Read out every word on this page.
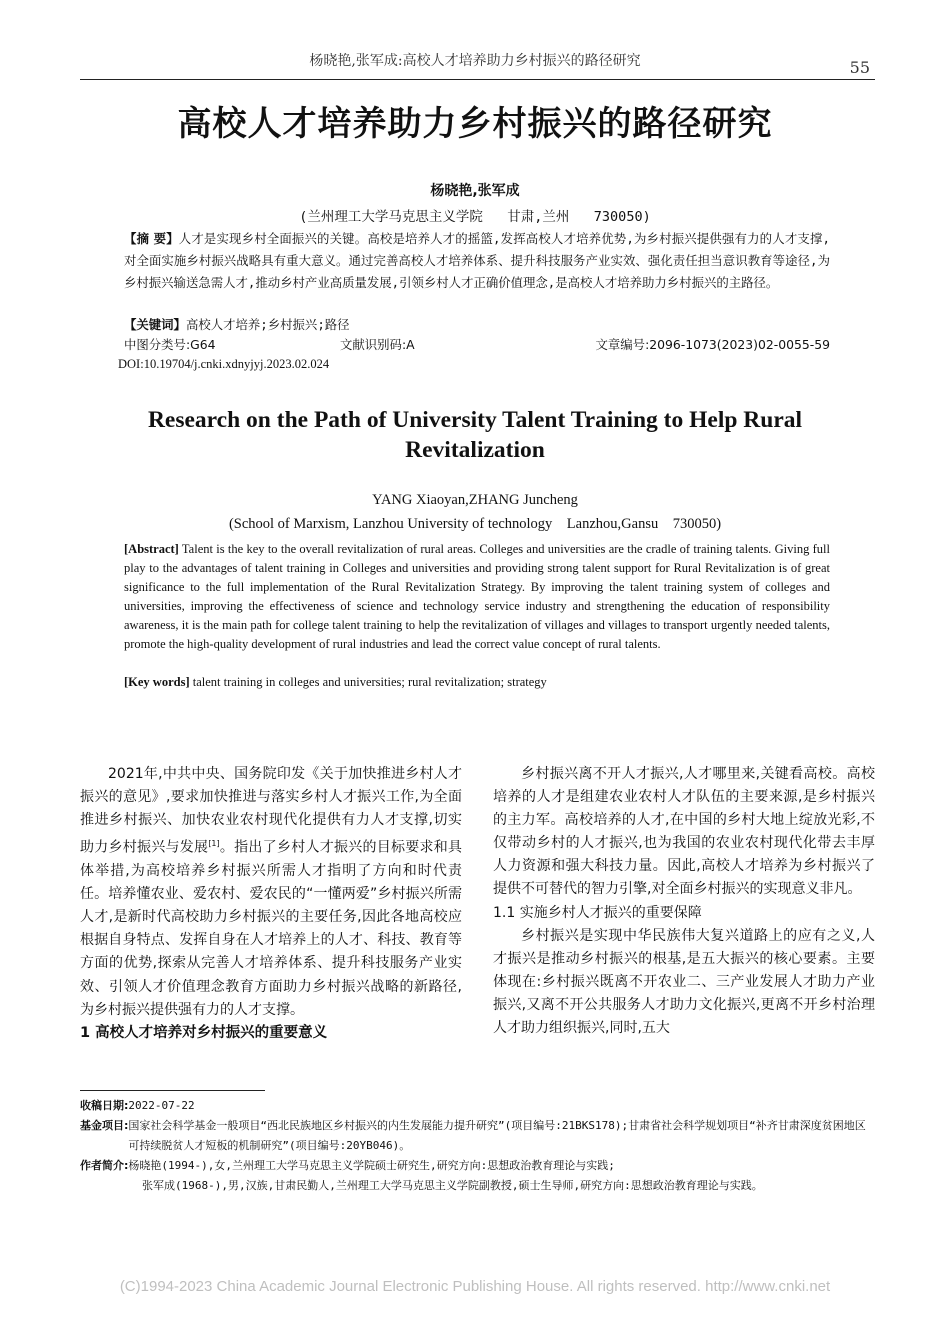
杨晓艳,张军成:高校人才培养助力乡村振兴的路径研究	55
高校人才培养助力乡村振兴的路径研究
杨晓艳,张军成
(兰州理工大学马克思主义学院   甘肃,兰州   730050)
【摘 要】人才是实现乡村全面振兴的关键。高校是培养人才的摇篮,发挥高校人才培养优势,为乡村振兴提供强有力的人才支撑,对全面实施乡村振兴战略具有重大意义。通过完善高校人才培养体系、提升科技服务产业实效、强化责任担当意识教育等途径,为乡村振兴输送急需人才,推动乡村产业高质量发展,引领乡村人才正确价值理念,是高校人才培养助力乡村振兴的主路径。
【关键词】高校人才培养;乡村振兴;路径
中图分类号:G64	文献识别码:A	文章编号:2096-1073(2023)02-0055-59
DOI:10.19704/j.cnki.xdnyjyj.2023.02.024
Research on the Path of University Talent Training to Help Rural Revitalization
YANG Xiaoyan,ZHANG Juncheng
(School of Marxism, Lanzhou University of technology    Lanzhou,Gansu    730050)
[Abstract] Talent is the key to the overall revitalization of rural areas. Colleges and universities are the cradle of training talents. Giving full play to the advantages of talent training in Colleges and universities and providing strong talent support for Rural Revitalization is of great significance to the full implementation of the Rural Revitalization Strategy. By improving the talent training system of colleges and universities, improving the effectiveness of science and technology service industry and strengthening the education of responsibility awareness, it is the main path for college talent training to help the revitalization of villages and villages to transport urgently needed talents, promote the high-quality development of rural industries and lead the correct value concept of rural talents.
[Key words] talent training in colleges and universities; rural revitalization; strategy

2021年,中共中央、国务院印发《关于加快推进乡村人才振兴的意见》,要求加快推进与落实乡村人才振兴工作,为全面推进乡村振兴、加快农业农村现代化提供有力人才支撑,切实助力乡村振兴与发展[1]。指出了乡村人才振兴的目标要求和具体举措,为高校培养乡村振兴所需人才指明了方向和时代责任。培养懂农业、爱农村、爱农民的“一懂两爱”乡村振兴所需人才,是新时代高校助力乡村振兴的主要任务,因此各地高校应根据自身特点、发挥自身在人才培养上的人才、科技、教育等方面的优势,探索从完善人才培养体系、提升科技服务产业实效、引领人才价值理念教育方面助力乡村振兴战略的新路径,为乡村振兴提供强有力的人才支撑。

1 高校人才培养对乡村振兴的重要意义

乡村振兴离不开人才振兴,人才哪里来,关键看高校。高校培养的人才是组建农业农村人才队伍的主要来源,是乡村振兴的主力军。高校培养的人才,在中国的乡村大地上绽放光彩,不仅带动乡村的人才振兴,也为我国的农业农村现代化带去丰厚人力资源和强大科技力量。因此,高校人才培养为乡村振兴了提供不可替代的智力引擎,对全面乡村振兴的实现意义非凡。

1.1 实施乡村人才振兴的重要保障

乡村振兴是实现中华民族伟大复兴道路上的应有之义,人才振兴是推动乡村振兴的根基,是五大振兴的核心要素。主要体现在:乡村振兴既离不开农业二、三产业发展人才助力产业振兴,又离不开公共服务人才助力文化振兴,更离不开乡村治理人才助力组织振兴,同时,五大

收稿日期: 2022-07-22
基金项目: 国家社会科学基金一般项目“西北民族地区乡村振兴的内生发展能力提升研究”(项目编号:21BKS178);甘肃省社会科学规划项目“补齐甘肃深度贫困地区可持续脱贫人才短板的机制研究”(项目编号:20YB046)。
作者简介: 杨晓艳(1994-),女,兰州理工大学马克思主义学院硕士研究生,研究方向:思想政治教育理论与实践;
张军成(1968-),男,汉族,甘肃民勤人,兰州理工大学马克思主义学院副教授,硕士生导师,研究方向:思想政治教育理论与实践。
(C)1994-2023 China Academic Journal Electronic Publishing House. All rights reserved. http://www.cnki.net
